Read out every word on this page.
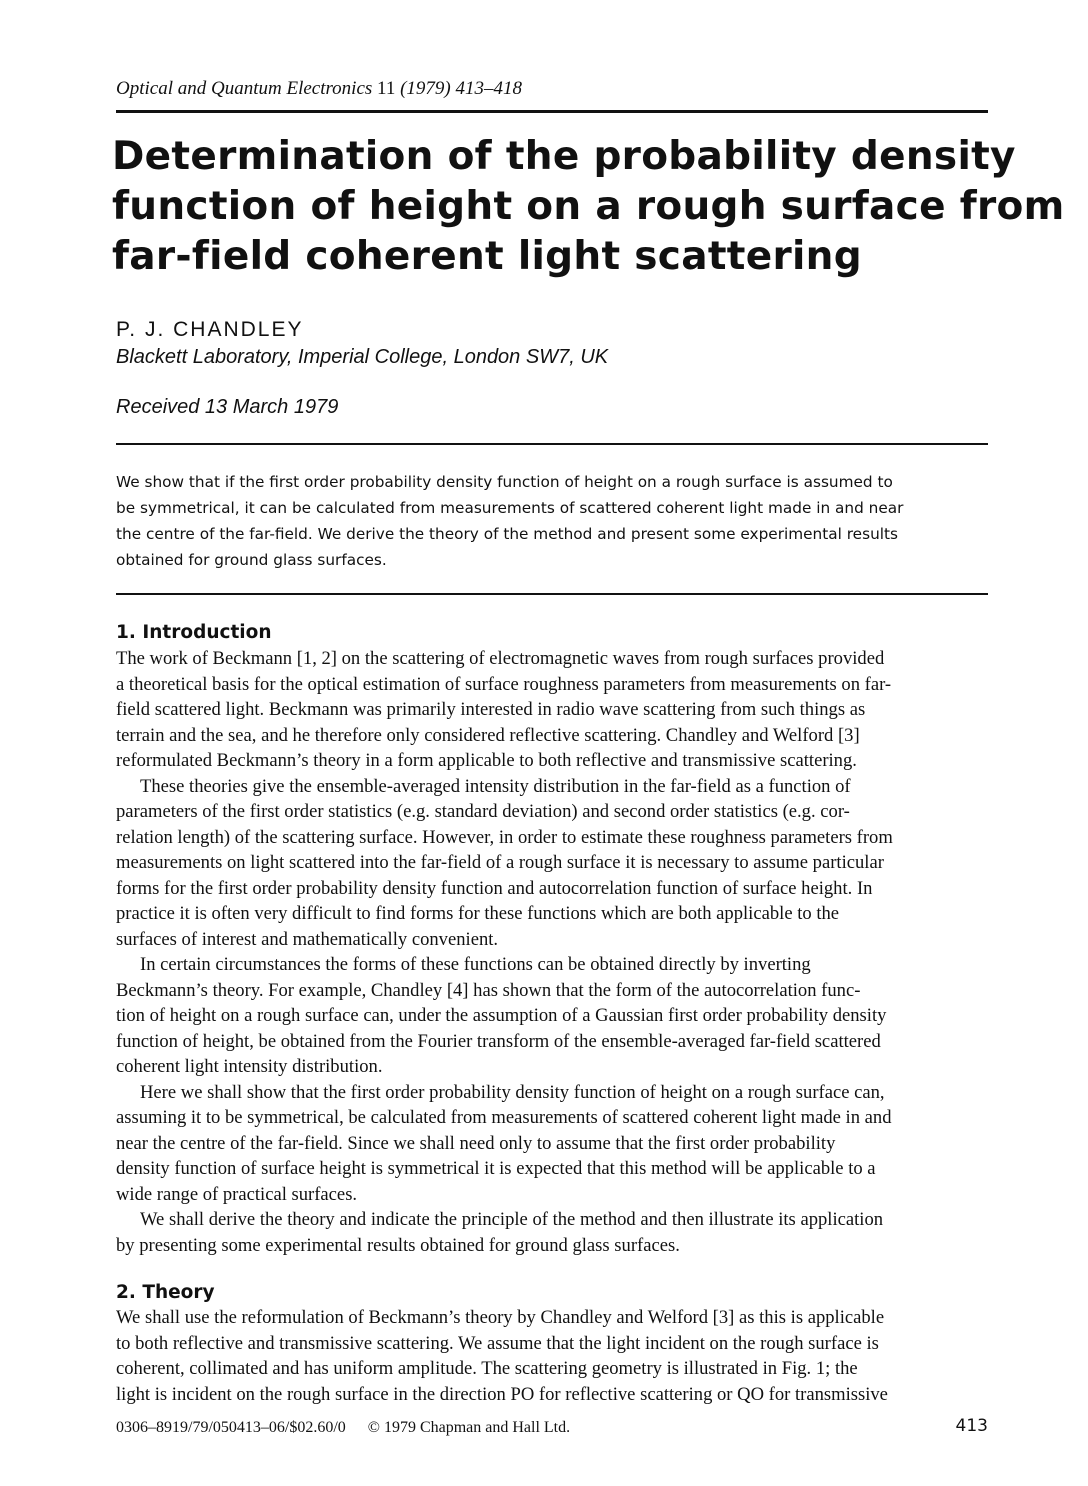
Optical and Quantum Electronics 11 (1979) 413–418
Determination of the probability density
function of height on a rough surface from
far-field coherent light scattering
P. J. CHANDLEY
Blackett Laboratory, Imperial College, London SW7, UK
Received 13 March 1979
We show that if the first order probability density function of height on a rough surface is assumed to
be symmetrical, it can be calculated from measurements of scattered coherent light made in and near
the centre of the far-field. We derive the theory of the method and present some experimental results
obtained for ground glass surfaces.
1. Introduction
The work of Beckmann [1, 2] on the scattering of electromagnetic waves from rough surfaces provided
a theoretical basis for the optical estimation of surface roughness parameters from measurements on far-
field scattered light. Beckmann was primarily interested in radio wave scattering from such things as
terrain and the sea, and he therefore only considered reflective scattering. Chandley and Welford [3]
reformulated Beckmann’s theory in a form applicable to both reflective and transmissive scattering.
These theories give the ensemble-averaged intensity distribution in the far-field as a function of
parameters of the first order statistics (e.g. standard deviation) and second order statistics (e.g. cor-
relation length) of the scattering surface. However, in order to estimate these roughness parameters from
measurements on light scattered into the far-field of a rough surface it is necessary to assume particular
forms for the first order probability density function and autocorrelation function of surface height. In
practice it is often very difficult to find forms for these functions which are both applicable to the
surfaces of interest and mathematically convenient.
In certain circumstances the forms of these functions can be obtained directly by inverting
Beckmann’s theory. For example, Chandley [4] has shown that the form of the autocorrelation func-
tion of height on a rough surface can, under the assumption of a Gaussian first order probability density
function of height, be obtained from the Fourier transform of the ensemble-averaged far-field scattered
coherent light intensity distribution.
Here we shall show that the first order probability density function of height on a rough surface can,
assuming it to be symmetrical, be calculated from measurements of scattered coherent light made in and
near the centre of the far-field. Since we shall need only to assume that the first order probability
density function of surface height is symmetrical it is expected that this method will be applicable to a
wide range of practical surfaces.
We shall derive the theory and indicate the principle of the method and then illustrate its application
by presenting some experimental results obtained for ground glass surfaces.
2. Theory
We shall use the reformulation of Beckmann’s theory by Chandley and Welford [3] as this is applicable
to both reflective and transmissive scattering. We assume that the light incident on the rough surface is
coherent, collimated and has uniform amplitude. The scattering geometry is illustrated in Fig. 1; the
light is incident on the rough surface in the direction PO for reflective scattering or QO for transmissive
0306–8919/79/050413–06/$02.60/0 © 1979 Chapman and Hall Ltd.	413
